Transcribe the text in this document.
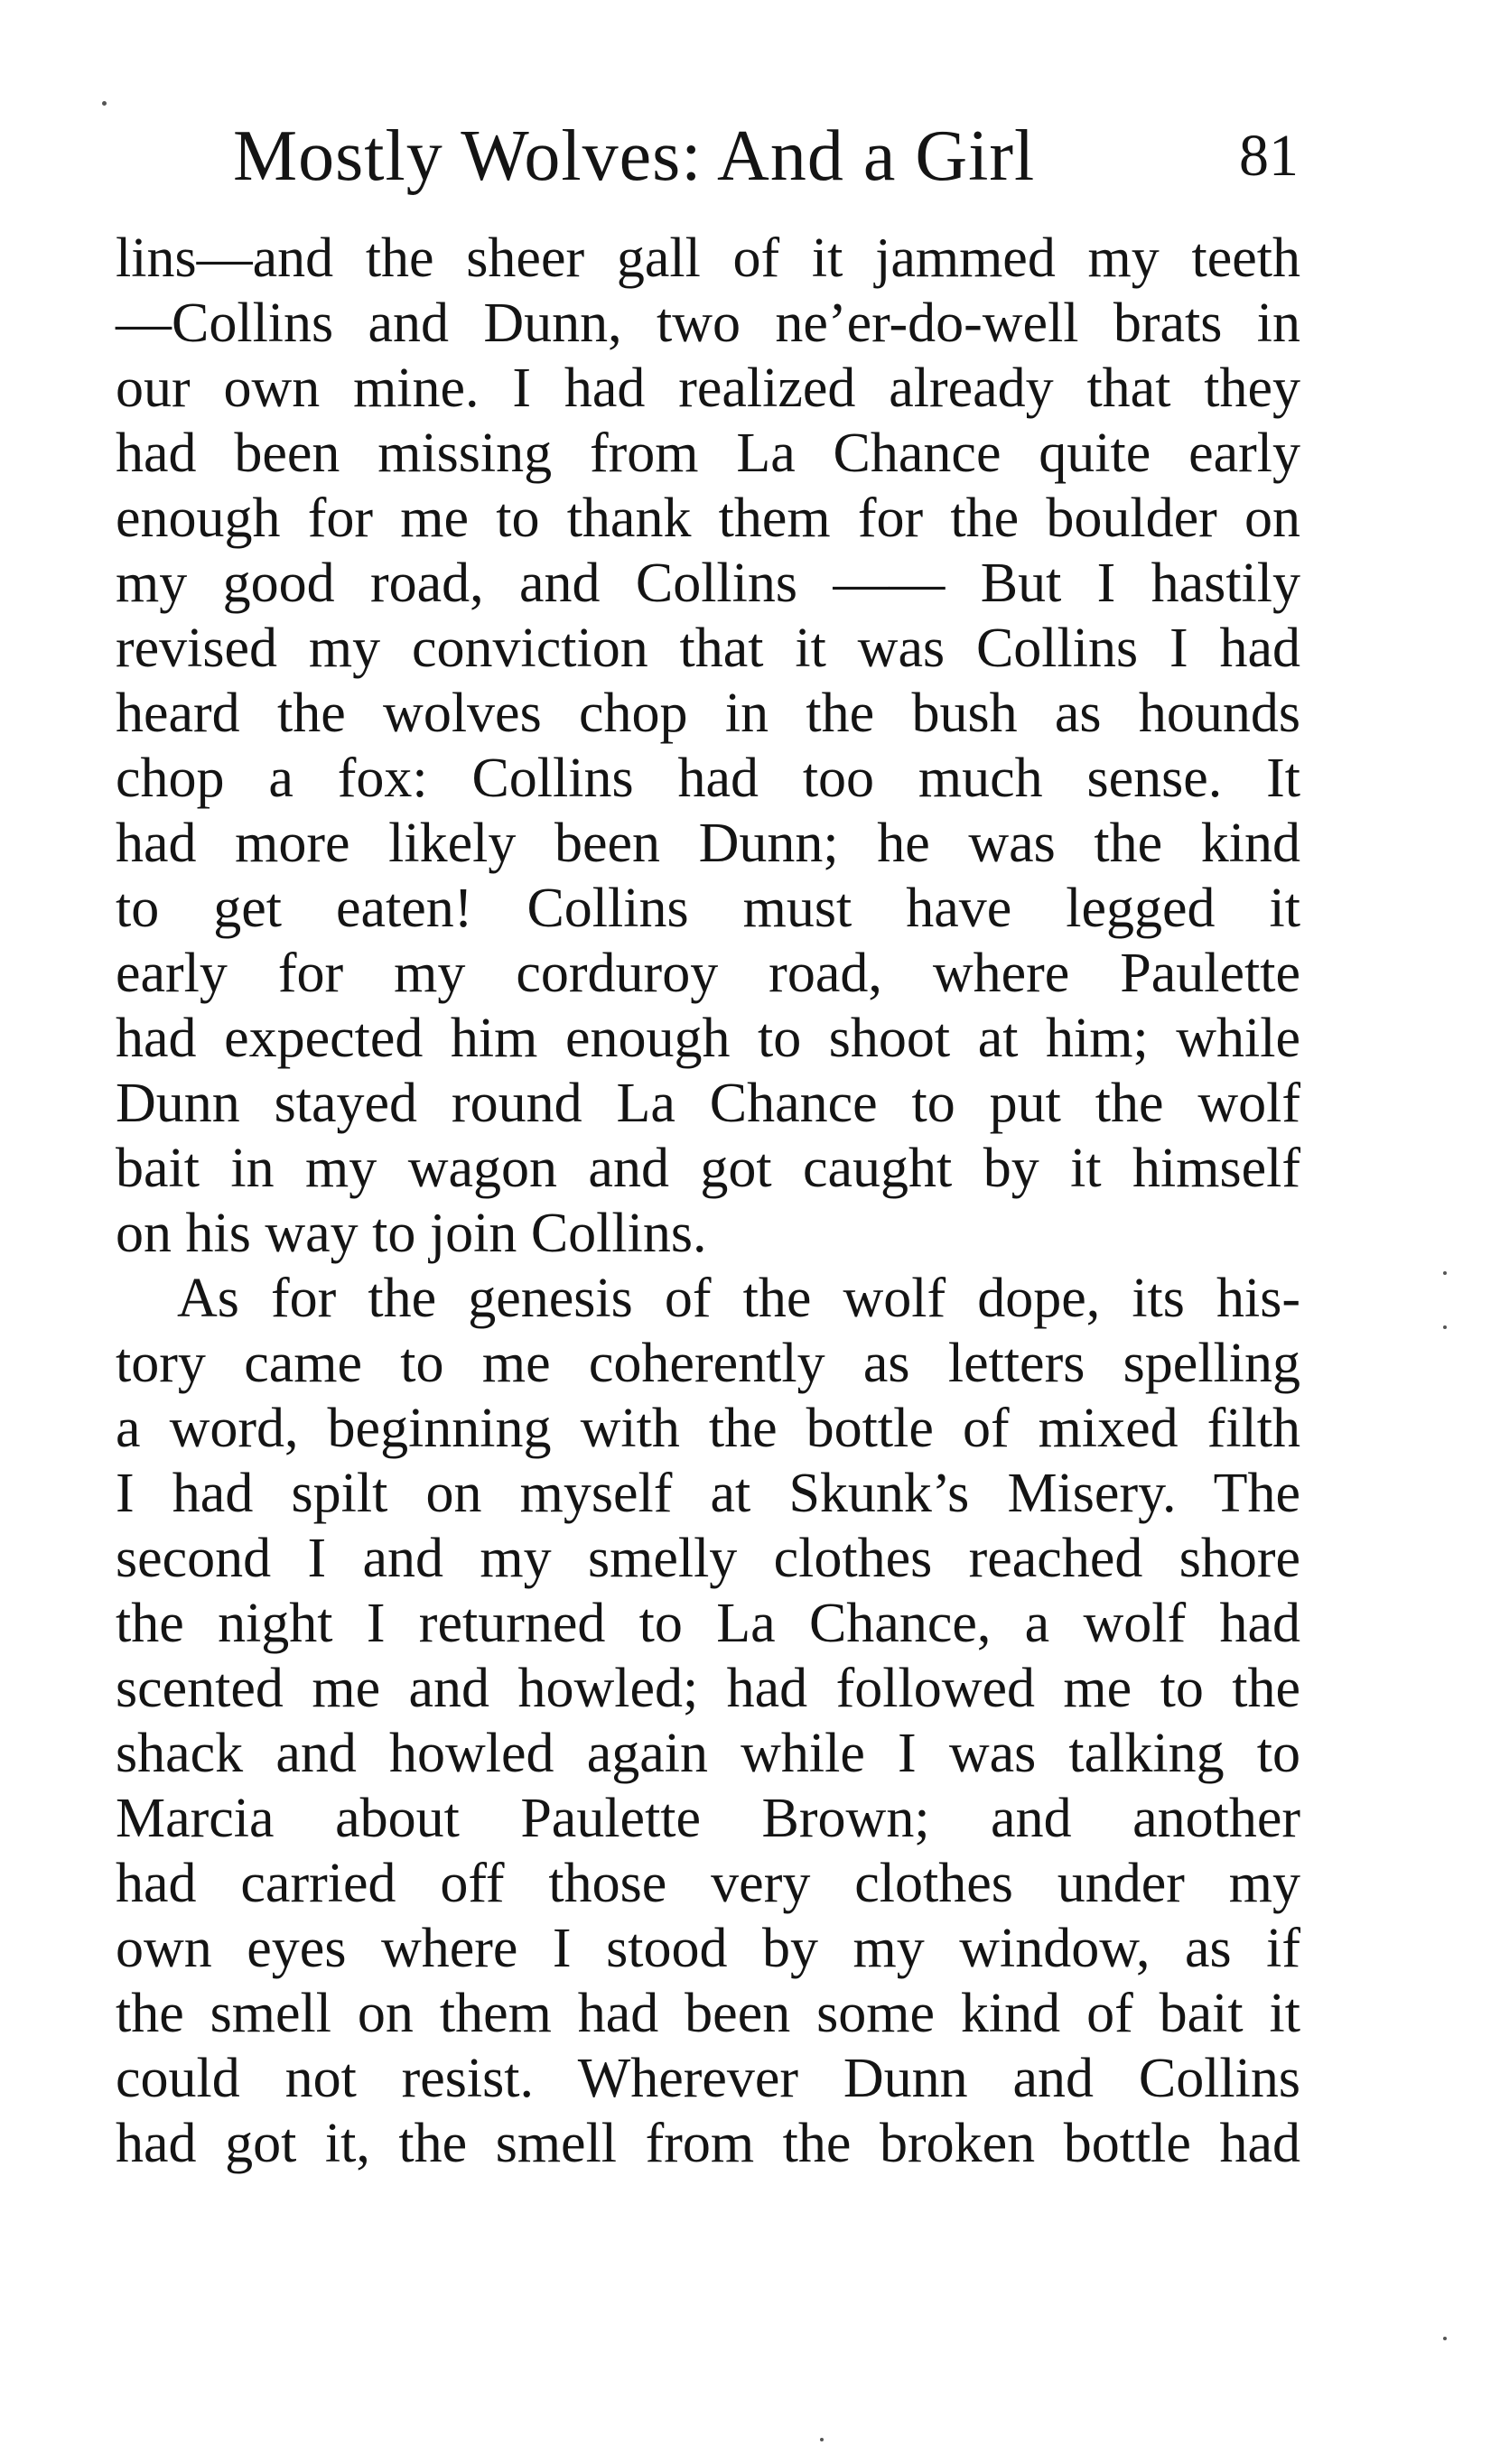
Mostly Wolves: And a Girl	81
lins—and the sheer gall of it jammed my teeth
—Collins and Dunn, two ne’er-do-well brats in
our own mine. I had realized already that they
had been missing from La Chance quite early
enough for me to thank them for the boulder on
my good road, and Collins —— But I hastily
revised my conviction that it was Collins I had
heard the wolves chop in the bush as hounds
chop a fox: Collins had too much sense. It
had more likely been Dunn; he was the kind
to get eaten! Collins must have legged it
early for my corduroy road, where Paulette
had expected him enough to shoot at him; while
Dunn stayed round La Chance to put the wolf
bait in my wagon and got caught by it himself
on his way to join Collins.
As for the genesis of the wolf dope, its his-
tory came to me coherently as letters spelling
a word, beginning with the bottle of mixed filth
I had spilt on myself at Skunk’s Misery. The
second I and my smelly clothes reached shore
the night I returned to La Chance, a wolf had
scented me and howled; had followed me to the
shack and howled again while I was talking to
Marcia about Paulette Brown; and another
had carried off those very clothes under my
own eyes where I stood by my window, as if
the smell on them had been some kind of bait it
could not resist. Wherever Dunn and Collins
had got it, the smell from the broken bottle had
